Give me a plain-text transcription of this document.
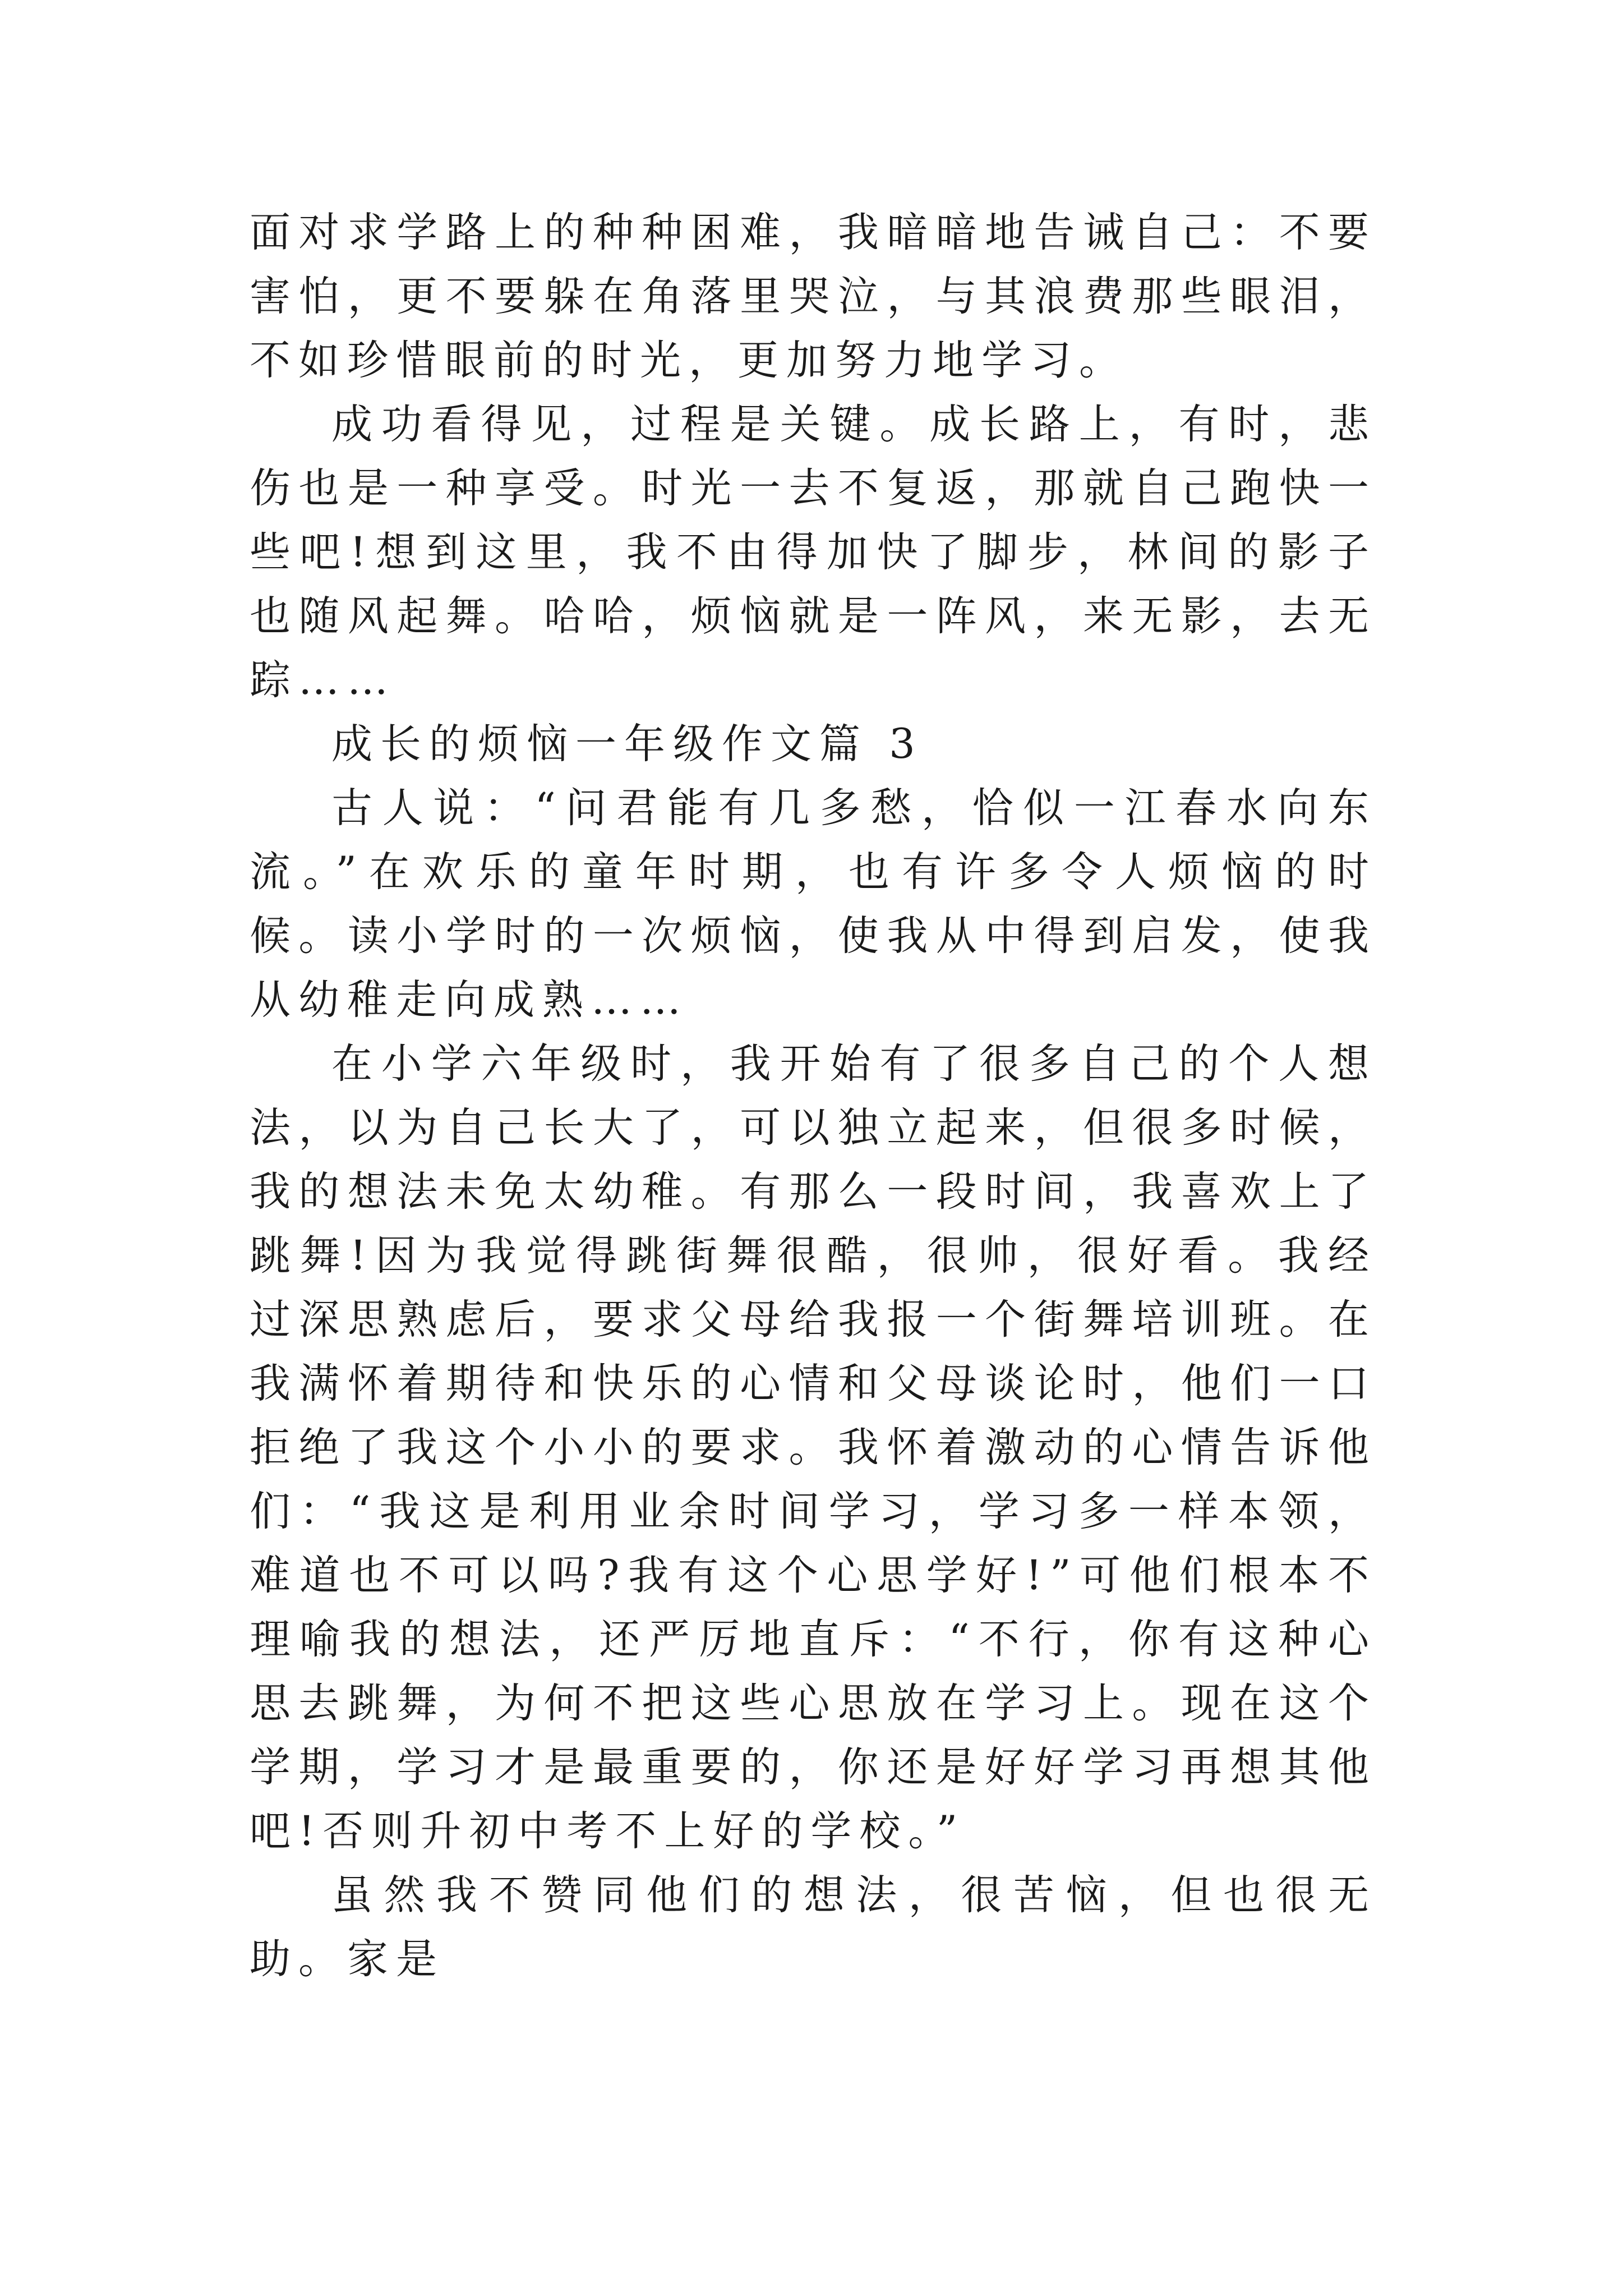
面对求学路上的种种困难，我暗暗地告诫自己：不要害怕，更不要躲在角落里哭泣，与其浪费那些眼泪，不如珍惜眼前的时光，更加努力地学习。

成功看得见，过程是关键。成长路上，有时，悲伤也是一种享受。时光一去不复返，那就自己跑快一些吧!想到这里，我不由得加快了脚步，林间的影子也随风起舞。哈哈，烦恼就是一阵风，来无影，去无踪……

成长的烦恼一年级作文篇 3

古人说：“问君能有几多愁，恰似一江春水向东流。”在欢乐的童年时期，也有许多令人烦恼的时候。读小学时的一次烦恼，使我从中得到启发，使我从幼稚走向成熟……

在小学六年级时，我开始有了很多自己的个人想法，以为自己长大了，可以独立起来，但很多时候，我的想法未免太幼稚。有那么一段时间，我喜欢上了跳舞!因为我觉得跳街舞很酷，很帅，很好看。我经过深思熟虑后，要求父母给我报一个街舞培训班。在我满怀着期待和快乐的心情和父母谈论时，他们一口拒绝了我这个小小的要求。我怀着激动的心情告诉他们：“我这是利用业余时间学习，学习多一样本领，难道也不可以吗?我有这个心思学好!”可他们根本不理喻我的想法，还严厉地直斥：“不行，你有这种心思去跳舞，为何不把这些心思放在学习上。现在这个学期，学习才是最重要的，你还是好好学习再想其他吧!否则升初中考不上好的学校。”

虽然我不赞同他们的想法，很苦恼，但也很无助。家是
